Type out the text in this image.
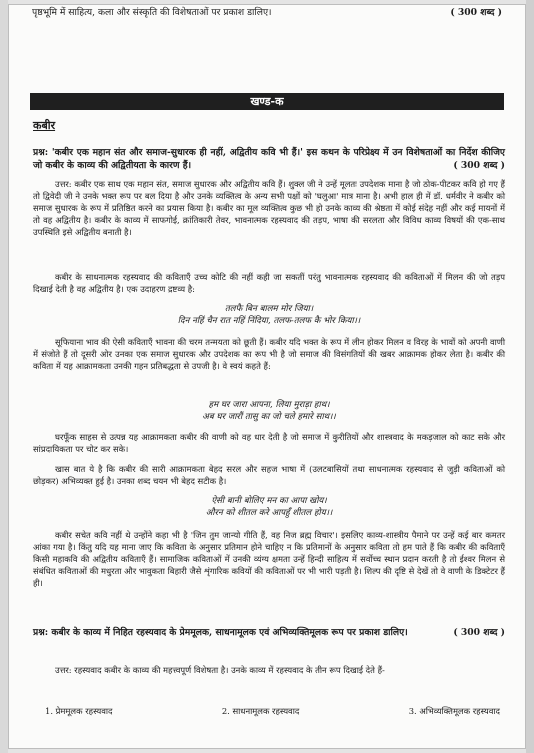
पृष्ठभूमि में साहित्य, कला और संस्कृति की विशेषताओं पर प्रकाश डालिए।	( 300 शब्द )
खण्ड-क
कबीर
प्रश्न: 'कबीर एक महान संत और समाज-सुधारक ही नहीं, अद्वितीय कवि भी हैं।' इस कथन के परिप्रेक्ष्य में उन विशेषताओं का निर्देश कीजिए जो कबीर के काव्य की अद्वितीयता के कारण हैं।	( 300 शब्द )
उत्तर: कबीर एक साथ एक महान संत, समाज सुधारक और अद्वितीय कवि हैं। शुक्ल जी ने उन्हें मूलतः उपदेशक माना है जो ठोक-पीटकर कवि हो गए हैं तो द्विवेदी जी ने उनके भक्त रूप पर बल दिया है और उनके व्यक्तित्व के अन्य सभी पक्षों को 'घलुआ' मात्र माना है। अभी हाल ही में डॉ. धर्मवीर ने कबीर को समाज सुधारक के रूप में प्रतिष्ठित करने का प्रयास किया है। कबीर का मूल व्यक्तित्व कुछ भी हो उनके काव्य की श्रेष्ठता में कोई संदेह नहीं और कई मायनों में तो वह अद्वितीय है। कबीर के काव्य में साफगोई, क्रांतिकारी तेवर, भावनात्मक रहस्यवाद की तड़प, भाषा की सरलता और विविध काव्य विषयों की एक-साथ उपस्थिति इसे अद्वितीय बनाती है।
कबीर के साधनात्मक रहस्यवाद की कविताएँ उच्च कोटि की नहीं कही जा सकतीं परंतु भावनात्मक रहस्यवाद की कविताओं में मिलन की जो तड़प दिखाई देती है वह अद्वितीय है। एक उदाहरण द्रष्टव्य है:
तलफै बिन बालम मोर जिया।
दिन नहिं चैन रात नहिं निंदिया, तलफ-तलफ कै भोर किया।।
सूफियाना भाव की ऐसी कविताएँ भावना की चरम तन्मयता को छूती हैं। कबीर यदि भक्त के रूप में लीन होकर मिलन व विरह के भावों को अपनी वाणी में संजोते हैं तो दूसरी ओर उनका एक समाज सुधारक और उपदेशक का रूप भी है जो समाज की विसंगतियों की खबर आक्रामक होकर लेता है। कबीर की कविता में यह आक्रामकता उनकी गहन प्रतिबद्धता से उपजी है। वे स्वयं कहते हैं:
हम घर जारा आपना, लिया मुराड़ा हाथ।
अब घर जारौं तासु का जो चले हमारे साथ।।
घरफूँक साहस से उत्पन्न यह आक्रामकता कबीर की वाणी को वह धार देती है जो समाज में कुरीतियों और शास्त्रवाद के मकड़जाल को काट सके और सांप्रदायिकता पर चोट कर सके।
खास बात ये है कि कबीर की सारी आक्रामकता बेहद सरल और सहज भाषा में (उलटबासियों तथा साधनात्मक रहस्यवाद से जुड़ी कविताओं को छोड़कर) अभिव्यक्त हुई है। उनका शब्द चयन भी बेहद सटीक है।
ऐसी बानी बोलिए मन का आपा खोय।
औरन को शीतल करे आपहुँ शीतल होय।।
कबीर सचेत कवि नहीं थे उन्होंने कहा भी है 'जिन तुम जान्यो गीति हैं, वह निज ब्रह्म विचार'। इसलिए काव्य-शास्त्रीय पैमाने पर उन्हें कई बार कमतर आंका गया है। किंतु यदि यह माना जाए कि कविता के अनुसार प्रतिमान होने चाहिए न कि प्रतिमानों के अनुसार कविता तो हम पाते हैं कि कबीर की कविताएँ किसी महाकवि की अद्वितीय कविताएँ हैं। सामाजिक कविताओं में उनकी व्यंग्य क्षमता उन्हें हिन्दी साहित्य में सर्वोच्च स्थान प्रदान करती है तो ईश्वर मिलन से संबंधित कविताओं की मधुरता और भावुकता बिहारी जैसे शृंगारिक कवियों की कविताओं पर भी भारी पड़ती है। शिल्प की दृष्टि से देखें तो वे वाणी के डिक्टेटर हैं ही।
प्रश्न: कबीर के काव्य में निहित रहस्यवाद के प्रेममूलक, साधनामूलक एवं अभिव्यक्तिमूलक रूप पर प्रकाश डालिए।	( 300 शब्द )
उत्तर: रहस्यवाद कबीर के काव्य की महत्त्वपूर्ण विशेषता है। उनके काव्य में रहस्यवाद के तीन रूप दिखाई देते हैं-
1. प्रेममूलक रहस्यवाद	2. साधनामूलक रहस्यवाद	3. अभिव्यक्तिमूलक रहस्यवाद
